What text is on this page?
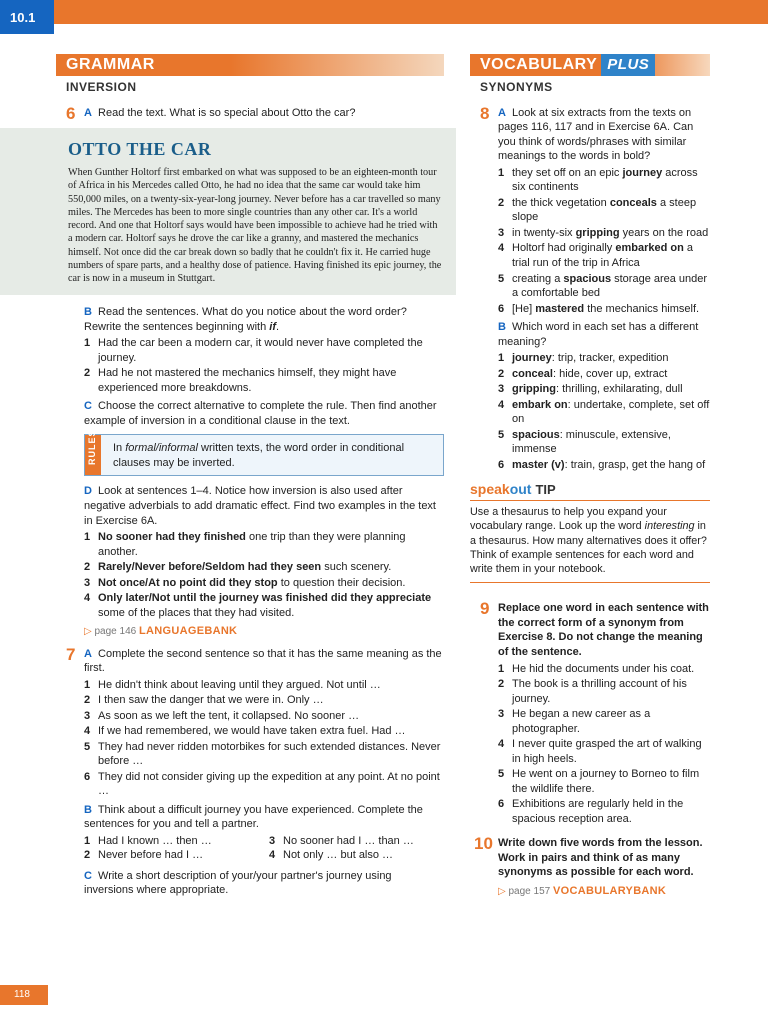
10.1
GRAMMAR
INVERSION
6 A Read the text. What is so special about Otto the car?
OTTO THE CAR

When Gunther Holtorf first embarked on what was supposed to be an eighteen-month tour of Africa in his Mercedes called Otto, he had no idea that the same car would take him 550,000 miles, on a twenty-six-year-long journey. Never before has a car travelled so many miles. The Mercedes has been to more single countries than any other car. It's a world record. And one that Holtorf says would have been impossible to achieve had he tried with a modern car. Holtorf says he drove the car like a granny, and mastered the mechanics himself. Not once did the car break down so badly that he couldn't fix it. He carried huge numbers of spare parts, and a healthy dose of patience. Having finished its epic journey, the car is now in a museum in Stuttgart.

B Read the sentences. What do you notice about the word order? Rewrite the sentences beginning with if.
1 Had the car been a modern car, it would never have completed the journey.
2 Had he not mastered the mechanics himself, they might have experienced more breakdowns.
C Choose the correct alternative to complete the rule. Then find another example of inversion in a conditional clause in the text.
RULES In formal/informal written texts, the word order in conditional clauses may be inverted.
D Look at sentences 1–4. Notice how inversion is also used after negative adverbials to add dramatic effect. Find two examples in the text in Exercise 6A.
1 No sooner had they finished one trip than they were planning another.
2 Rarely/Never before/Seldom had they seen such scenery.
3 Not once/At no point did they stop to question their decision.
4 Only later/Not until the journey was finished did they appreciate some of the places that they had visited.
▷ page 146 LANGUAGEBANK
7 A Complete the second sentence so that it has the same meaning as the first.
1 He didn't think about leaving until they argued. Not until …
2 I then saw the danger that we were in. Only …
3 As soon as we left the tent, it collapsed. No sooner …
4 If we had remembered, we would have taken extra fuel. Had …
5 They had never ridden motorbikes for such extended distances. Never before …
6 They did not consider giving up the expedition at any point. At no point …
B Think about a difficult journey you have experienced. Complete the sentences for you and tell a partner.
1 Had I known … then …	3 No sooner had I … than …
2 Never before had I …	4 Not only … but also …
C Write a short description of your/your partner's journey using inversions where appropriate.
VOCABULARY PLUS
SYNONYMS
8 A Look at six extracts from the texts on pages 116, 117 and in Exercise 6A. Can you think of words/phrases with similar meanings to the words in bold?
1 they set off on an epic journey across six continents
2 the thick vegetation conceals a steep slope
3 in twenty-six gripping years on the road
4 Holtorf had originally embarked on a trial run of the trip in Africa
5 creating a spacious storage area under a comfortable bed
6 [He] mastered the mechanics himself.
B Which word in each set has a different meaning?
1 journey: trip, tracker, expedition
2 conceal: hide, cover up, extract
3 gripping: thrilling, exhilarating, dull
4 embark on: undertake, complete, set off on
5 spacious: minuscule, extensive, immense
6 master (v): train, grasp, get the hang of
speakout TIP
Use a thesaurus to help you expand your vocabulary range. Look up the word interesting in a thesaurus. How many alternatives does it offer? Think of example sentences for each word and write them in your notebook.
9 Replace one word in each sentence with the correct form of a synonym from Exercise 8. Do not change the meaning of the sentence.
1 He hid the documents under his coat.
2 The book is a thrilling account of his journey.
3 He began a new career as a photographer.
4 I never quite grasped the art of walking in high heels.
5 He went on a journey to Borneo to film the wildlife there.
6 Exhibitions are regularly held in the spacious reception area.
10 Write down five words from the lesson. Work in pairs and think of as many synonyms as possible for each word.
▷ page 157 VOCABULARYBANK
118
